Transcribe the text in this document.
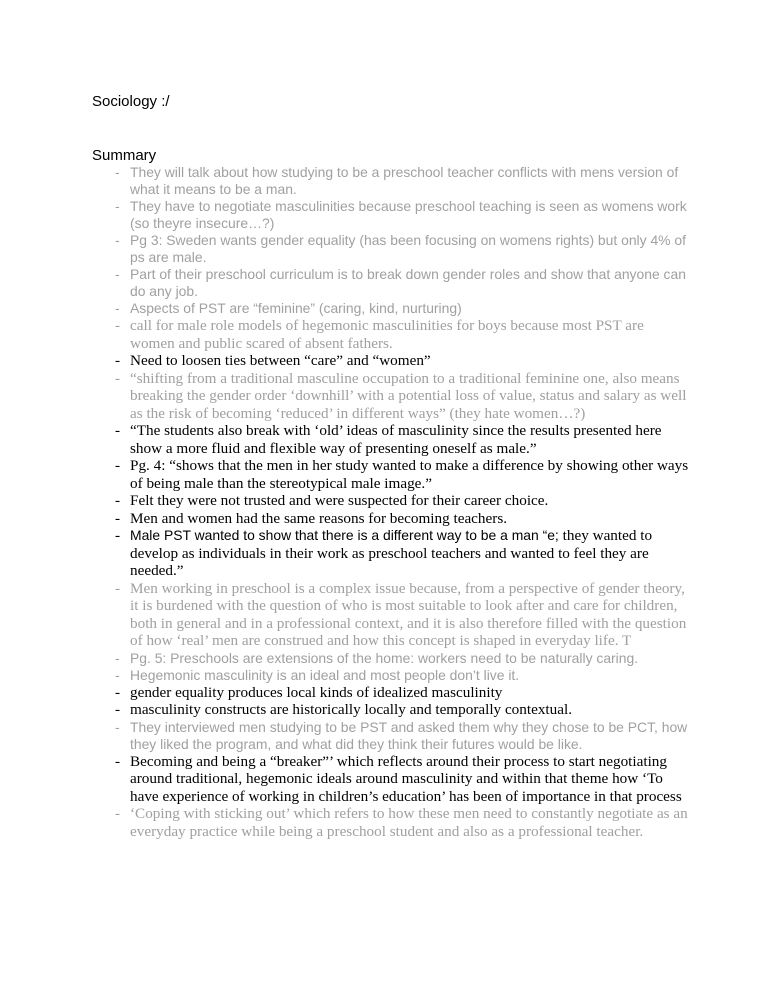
Sociology :/
Summary
- They will talk about how studying to be a preschool teacher conflicts with mens version of what it means to be a man.
- They have to negotiate masculinities because preschool teaching is seen as womens work (so theyre insecure…?)
- Pg 3: Sweden wants gender equality (has been focusing on womens rights) but only 4% of ps are male.
- Part of their preschool curriculum is to break down gender roles and show that anyone can do any job.
- Aspects of PST are “feminine” (caring, kind, nurturing)
- call for male role models of hegemonic masculinities for boys because most PST are women and public scared of absent fathers.
- Need to loosen ties between “care” and “women”
- “shifting from a traditional masculine occupation to a traditional feminine one, also means breaking the gender order ‘downhill’ with a potential loss of value, status and salary as well as the risk of becoming ‘reduced’ in different ways” (they hate women…?)
- “The students also break with ‘old’ ideas of masculinity since the results presented here show a more fluid and flexible way of presenting oneself as male.”
- Pg. 4: “shows that the men in her study wanted to make a difference by showing other ways of being male than the stereotypical male image.”
- Felt they were not trusted and were suspected for their career choice.
- Men and women had the same reasons for becoming teachers.
- Male PST wanted to show that there is a different way to be a man “e; they wanted to develop as individuals in their work as preschool teachers and wanted to feel they are needed.”
- Men working in preschool is a complex issue because, from a perspective of gender theory, it is burdened with the question of who is most suitable to look after and care for children, both in general and in a professional context, and it is also therefore filled with the question of how ‘real’ men are construed and how this concept is shaped in everyday life. T
- Pg. 5: Preschools are extensions of the home: workers need to be naturally caring.
- Hegemonic masculinity is an ideal and most people don’t live it.
- gender equality produces local kinds of idealized masculinity
- masculinity constructs are historically locally and temporally contextual.
- They interviewed men studying to be PST and asked them why they chose to be PCT, how they liked the program, and what did they think their futures would be like.
- Becoming and being a “breaker”’ which reflects around their process to start negotiating around traditional, hegemonic ideals around masculinity and within that theme how ‘To have experience of working in children’s education’ has been of importance in that process
- ‘Coping with sticking out’ which refers to how these men need to constantly negotiate as an everyday practice while being a preschool student and also as a professional teacher.
